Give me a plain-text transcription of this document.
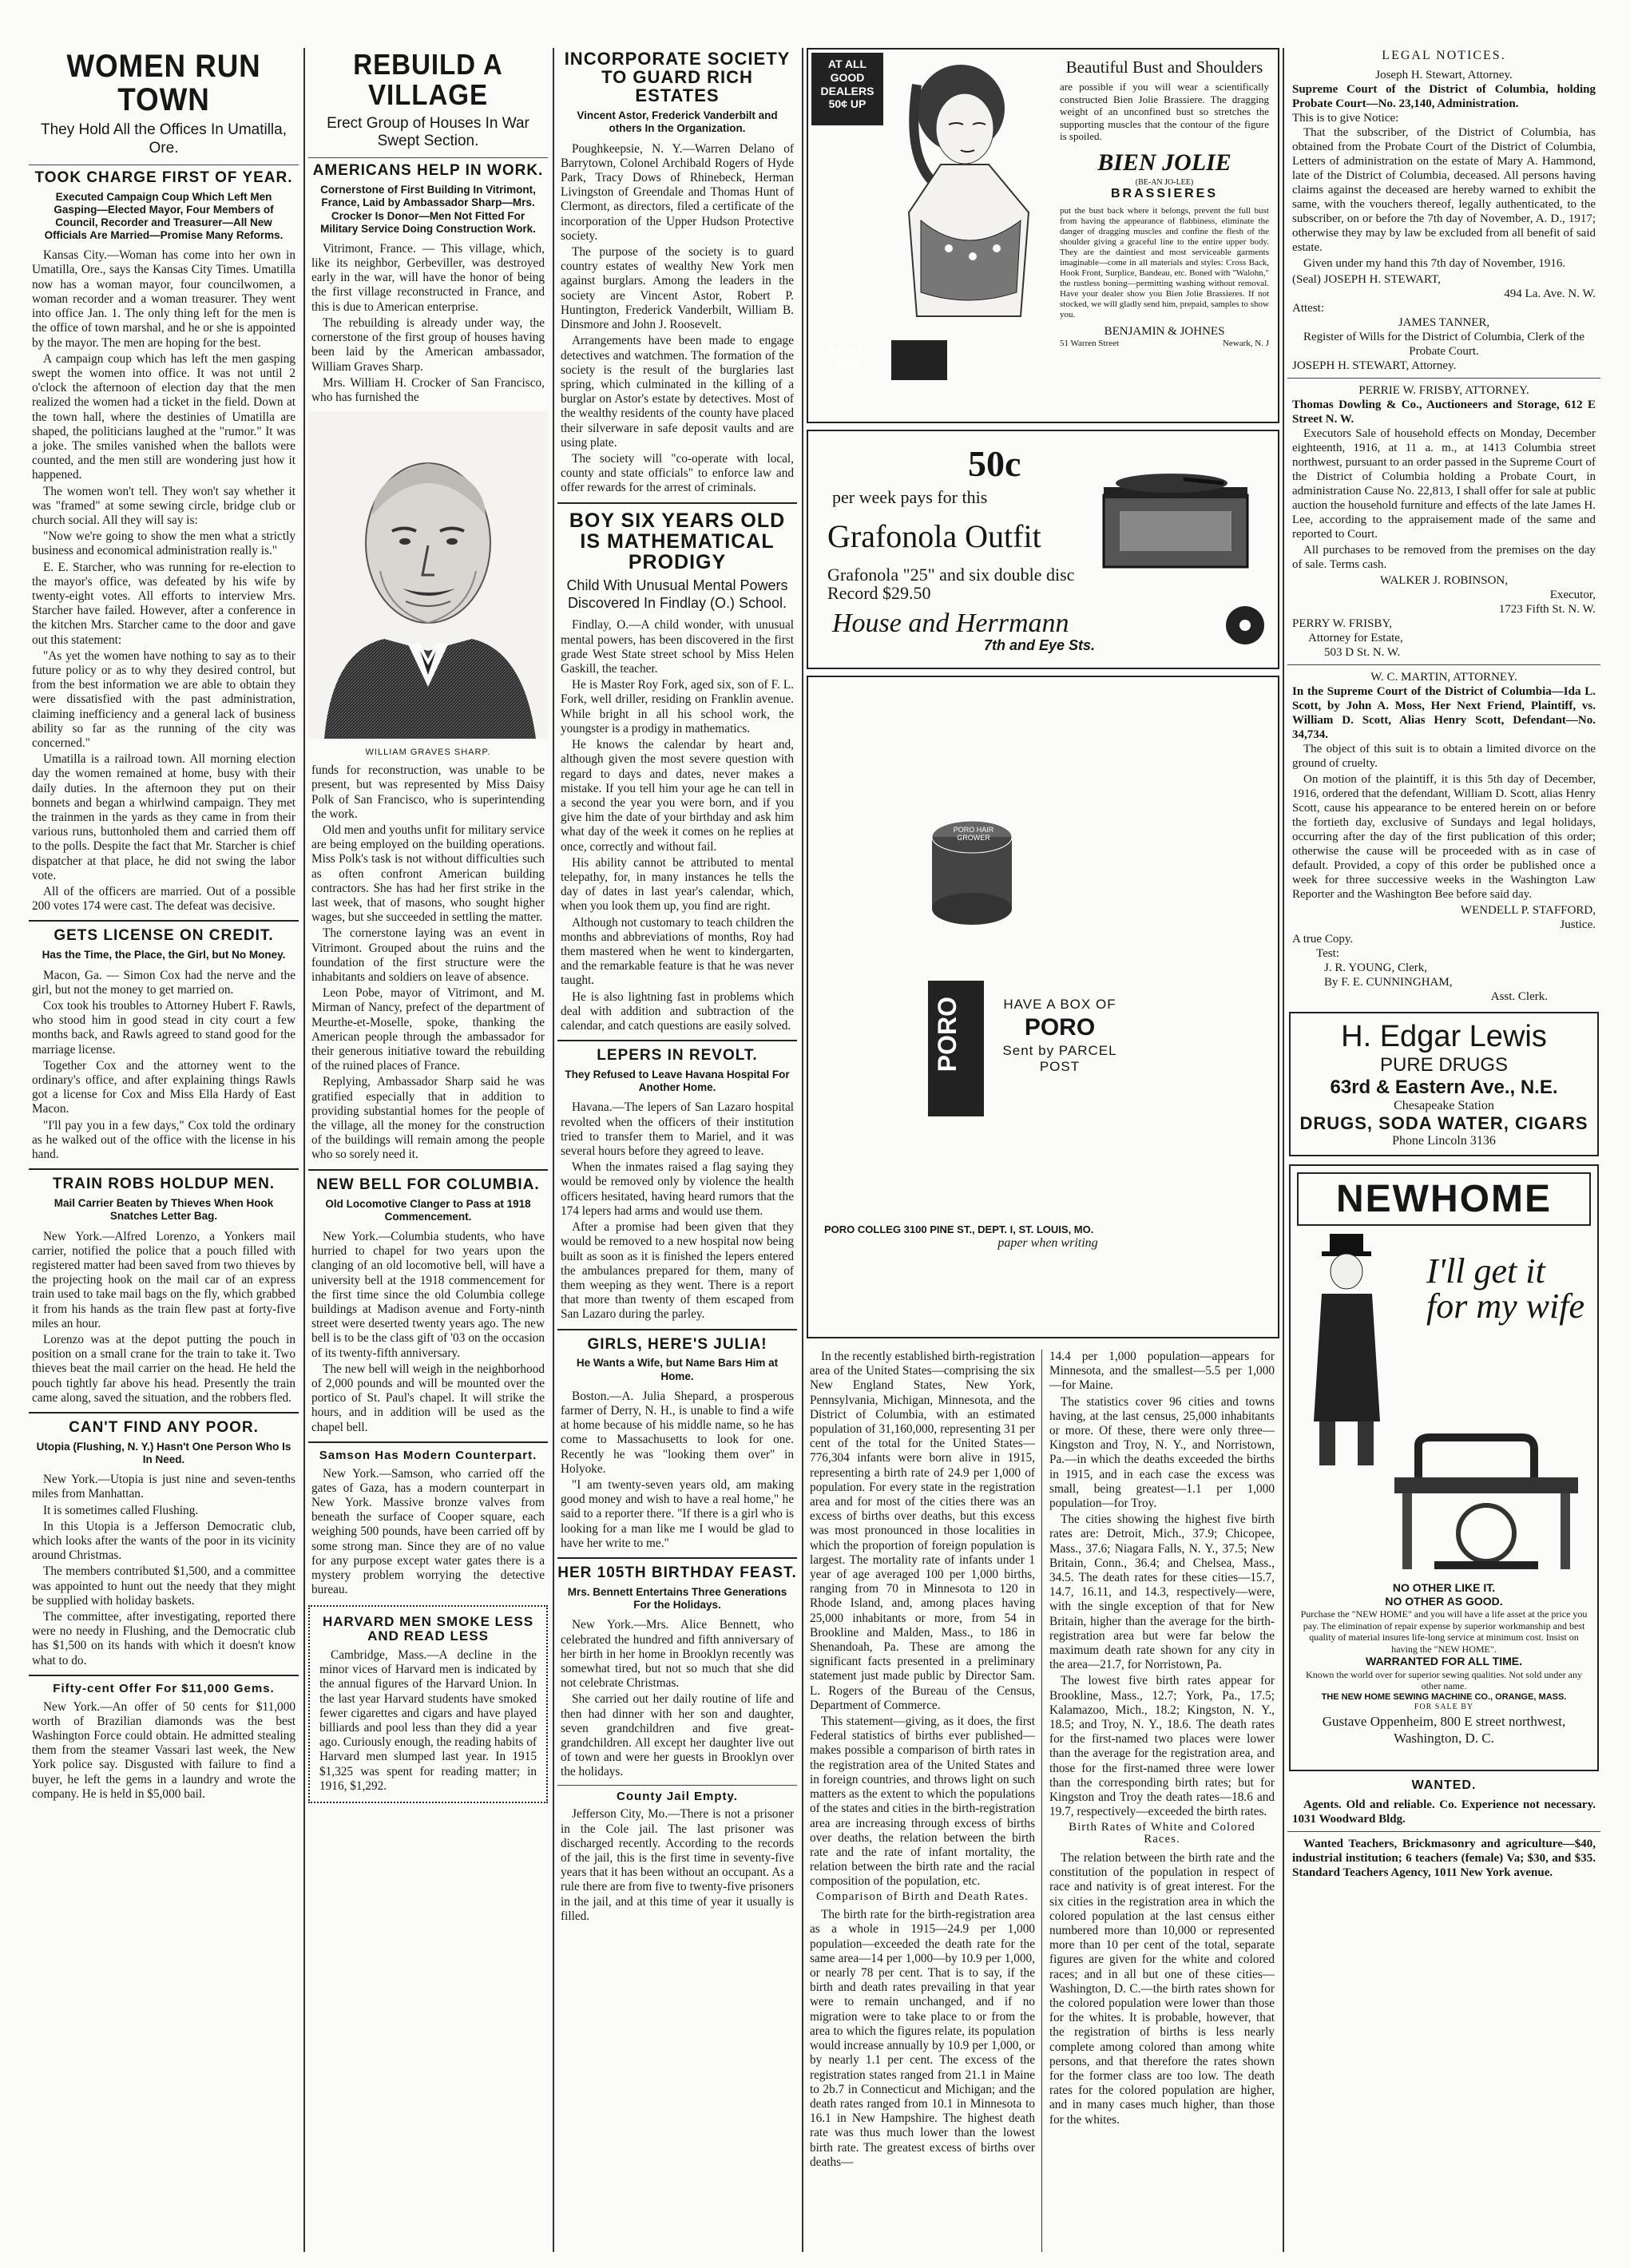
WOMEN RUN TOWN
They Hold All the Offices In Umatilla, Ore.
TOOK CHARGE FIRST OF YEAR.
Executed Campaign Coup Which Left Men Gasping—Elected Mayor, Four Members of Council, Recorder and Treasurer—All New Officials Are Married—Promise Many Reforms.

Kansas City.—Woman has come into her own in Umatilla, Ore., says the Kansas City Times. Umatilla now has a woman mayor, four councilwomen, a woman recorder and a woman treasurer. They went into office Jan. 1. The only thing left for the men is the office of town marshal, and he or she is appointed by the mayor. The men are hoping for the best.

A campaign coup which has left the men gasping swept the women into office. It was not until 2 o'clock the afternoon of election day that the men realized the women had a ticket in the field. Down at the town hall, where the destinies of Umatilla are shaped, the politicians laughed at the "rumor." It was a joke. The smiles vanished when the ballots were counted, and the men still are wondering just how it happened.

The women won't tell. They won't say whether it was "framed" at some sewing circle, bridge club or church social. All they will say is:

"Now we're going to show the men what a strictly business and economical administration really is."

E. E. Starcher, who was running for re-election to the mayor's office, was defeated by his wife by twenty-eight votes. All efforts to interview Mrs. Starcher have failed. However, after a conference in the kitchen Mrs. Starcher came to the door and gave out this statement:

"As yet the women have nothing to say as to their future policy or as to why they desired control, but from the best information we are able to obtain they were dissatisfied with the past administration, claiming inefficiency and a general lack of business ability so far as the running of the city was concerned."

Umatilla is a railroad town. All morning election day the women remained at home, busy with their daily duties. In the afternoon they put on their bonnets and began a whirlwind campaign. They met the trainmen in the yards as they came in from their various runs, buttonholed them and carried them off to the polls. Despite the fact that Mr. Starcher is chief dispatcher at that place, he did not swing the labor vote.

All of the officers are married. Out of a possible 200 votes 174 were cast. The defeat was decisive.

GETS LICENSE ON CREDIT.
Has the Time, the Place, the Girl, but No Money.

Macon, Ga. — Simon Cox had the nerve and the girl, but not the money to get married on.

Cox took his troubles to Attorney Hubert F. Rawls, who stood him in good stead in city court a few months back, and Rawls agreed to stand good for the marriage license.

Together Cox and the attorney went to the ordinary's office, and after explaining things Rawls got a license for Cox and Miss Ella Hardy of East Macon.

"I'll pay you in a few days," Cox told the ordinary as he walked out of the office with the license in his hand.

TRAIN ROBS HOLDUP MEN.
Mail Carrier Beaten by Thieves When Hook Snatches Letter Bag.

New York.—Alfred Lorenzo, a Yonkers mail carrier, notified the police that a pouch filled with registered matter had been saved from two thieves by the projecting hook on the mail car of an express train used to take mail bags on the fly, which grabbed it from his hands as the train flew past at forty-five miles an hour.

Lorenzo was at the depot putting the pouch in position on a small crane for the train to take it. Two thieves beat the mail carrier on the head. He held the pouch tightly far above his head. Presently the train came along, saved the situation, and the robbers fled.

CAN'T FIND ANY POOR.
Utopia (Flushing, N. Y.) Hasn't One Person Who Is In Need.

New York.—Utopia is just nine and seven-tenths miles from Manhattan.

It is sometimes called Flushing.

In this Utopia is a Jefferson Democratic club, which looks after the wants of the poor in its vicinity around Christmas.

The members contributed $1,500, and a committee was appointed to hunt out the needy that they might be supplied with holiday baskets.

The committee, after investigating, reported there were no needy in Flushing, and the Democratic club has $1,500 on its hands with which it doesn't know what to do.

Fifty-cent Offer For $11,000 Gems.

New York.—An offer of 50 cents for $11,000 worth of Brazilian diamonds was the best Washington Force could obtain. He admitted stealing them from the steamer Vassari last week, the New York police say. Disgusted with failure to find a buyer, he left the gems in a laundry and wrote the company. He is held in $5,000 bail.

REBUILD A VILLAGE
Erect Group of Houses In War Swept Section.
AMERICANS HELP IN WORK.
Cornerstone of First Building In Vitrimont, France, Laid by Ambassador Sharp—Mrs. Crocker Is Donor—Men Not Fitted For Military Service Doing Construction Work.

Vitrimont, France. — This village, which, like its neighbor, Gerbeviller, was destroyed early in the war, will have the honor of being the first village reconstructed in France, and this is due to American enterprise.

The rebuilding is already under way, the cornerstone of the first group of houses having been laid by the American ambassador, William Graves Sharp.

Mrs. William H. Crocker of San Francisco, who has furnished the

WILLIAM GRAVES SHARP.

funds for reconstruction, was unable to be present, but was represented by Miss Daisy Polk of San Francisco, who is superintending the work.

Old men and youths unfit for military service are being employed on the building operations. Miss Polk's task is not without difficulties such as often confront American building contractors. She has had her first strike in the last week, that of masons, who sought higher wages, but she succeeded in settling the matter.

The cornerstone laying was an event in Vitrimont. Grouped about the ruins and the foundation of the first structure were the inhabitants and soldiers on leave of absence.

Leon Pobe, mayor of Vitrimont, and M. Mirman of Nancy, prefect of the department of Meurthe-et-Moselle, spoke, thanking the American people through the ambassador for their generous initiative toward the rebuilding of the ruined places of France.

Replying, Ambassador Sharp said he was gratified especially that in addition to providing substantial homes for the people of the village, all the money for the construction of the buildings will remain among the people who so sorely need it.

NEW BELL FOR COLUMBIA.
Old Locomotive Clanger to Pass at 1918 Commencement.

New York.—Columbia students, who have hurried to chapel for two years upon the clanging of an old locomotive bell, will have a university bell at the 1918 commencement for the first time since the old Columbia college buildings at Madison avenue and Forty-ninth street were deserted twenty years ago. The new bell is to be the class gift of '03 on the occasion of its twenty-fifth anniversary.

The new bell will weigh in the neighborhood of 2,000 pounds and will be mounted over the portico of St. Paul's chapel. It will strike the hours, and in addition will be used as the chapel bell.

Samson Has Modern Counterpart.

New York.—Samson, who carried off the gates of Gaza, has a modern counterpart in New York. Massive bronze valves from beneath the surface of Cooper square, each weighing 500 pounds, have been carried off by some strong man. Since they are of no value for any purpose except water gates there is a mystery problem worrying the detective bureau.

HARVARD MEN SMOKE LESS AND READ LESS

Cambridge, Mass.—A decline in the minor vices of Harvard men is indicated by the annual figures of the Harvard Union. In the last year Harvard students have smoked fewer cigarettes and cigars and have played billiards and pool less than they did a year ago. Curiously enough, the reading habits of Harvard men slumped last year. In 1915 $1,325 was spent for reading matter; in 1916, $1,292.

INCORPORATE SOCIETY TO GUARD RICH ESTATES
Vincent Astor, Frederick Vanderbilt and others In the Organization.

Poughkeepsie, N. Y.—Warren Delano of Barrytown, Colonel Archibald Rogers of Hyde Park, Tracy Dows of Rhinebeck, Herman Livingston of Greendale and Thomas Hunt of Clermont, as directors, filed a certificate of the incorporation of the Upper Hudson Protective society.

The purpose of the society is to guard country estates of wealthy New York men against burglars. Among the leaders in the society are Vincent Astor, Robert P. Huntington, Frederick Vanderbilt, William B. Dinsmore and John J. Roosevelt.

Arrangements have been made to engage detectives and watchmen. The formation of the society is the result of the burglaries last spring, which culminated in the killing of a burglar on Astor's estate by detectives. Most of the wealthy residents of the county have placed their silverware in safe deposit vaults and are using plate.

The society will "co-operate with local, county and state officials" to enforce law and offer rewards for the arrest of criminals.

BOY SIX YEARS OLD IS MATHEMATICAL PRODIGY
Child With Unusual Mental Powers Discovered In Findlay (O.) School.

Findlay, O.—A child wonder, with unusual mental powers, has been discovered in the first grade West State street school by Miss Helen Gaskill, the teacher.

He is Master Roy Fork, aged six, son of F. L. Fork, well driller, residing on Franklin avenue. While bright in all his school work, the youngster is a prodigy in mathematics.

He knows the calendar by heart and, although given the most severe question with regard to days and dates, never makes a mistake. If you tell him your age he can tell in a second the year you were born, and if you give him the date of your birthday and ask him what day of the week it comes on he replies at once, correctly and without fail.

His ability cannot be attributed to mental telepathy, for, in many instances he tells the day of dates in last year's calendar, which, when you look them up, you find are right.

Although not customary to teach children the months and abbreviations of months, Roy had them mastered when he went to kindergarten, and the remarkable feature is that he was never taught.

He is also lightning fast in problems which deal with addition and subtraction of the calendar, and catch questions are easily solved.

LEPERS IN REVOLT.
They Refused to Leave Havana Hospital For Another Home.

Havana.—The lepers of San Lazaro hospital revolted when the officers of their institution tried to transfer them to Mariel, and it was several hours before they agreed to leave.

When the inmates raised a flag saying they would be removed only by violence the health officers hesitated, having heard rumors that the 174 lepers had arms and would use them.

After a promise had been given that they would be removed to a new hospital now being built as soon as it is finished the lepers entered the ambulances prepared for them, many of them weeping as they went. There is a report that more than twenty of them escaped from San Lazaro during the parley.

GIRLS, HERE'S JULIA!
He Wants a Wife, but Name Bars Him at Home.

Boston.—A. Julia Shepard, a prosperous farmer of Derry, N. H., is unable to find a wife at home because of his middle name, so he has come to Massachusetts to look for one. Recently he was "looking them over" in Holyoke.

"I am twenty-seven years old, am making good money and wish to have a real home," he said to a reporter there. "If there is a girl who is looking for a man like me I would be glad to have her write to me."

HER 105TH BIRTHDAY FEAST.
Mrs. Bennett Entertains Three Generations For the Holidays.

New York.—Mrs. Alice Bennett, who celebrated the hundred and fifth anniversary of her birth in her home in Brooklyn recently was somewhat tired, but not so much that she did not celebrate Christmas.

She carried out her daily routine of life and then had dinner with her son and daughter, seven grandchildren and five great-grandchildren. All except her daughter live out of town and were her guests in Brooklyn over the holidays.

County Jail Empty.

Jefferson City, Mo.—There is not a prisoner in the Cole jail. The last prisoner was discharged recently. According to the records of the jail, this is the first time in seventy-five years that it has been without an occupant. As a rule there are from five to twenty-five prisoners in the jail, and at this time of year it usually is filled.

AT ALL GOOD DEALERS 50¢ UP
STYLE 4525
Beautiful Bust and Shoulders
are possible if you will wear a scientifically constructed Bien Jolie Brassiere. The dragging weight of an unconfined bust so stretches the supporting muscles that the contour of the figure is spoiled.
BIEN JOLIE
(BE-AN JO-LEE)
BRASSIERES
put the bust back where it belongs, prevent the full bust from having the appearance of flabbiness, eliminate the danger of dragging muscles and confine the flesh of the shoulder giving a graceful line to the entire upper body. They are the daintiest and most serviceable garments imaginable—come in all materials and styles: Cross Back, Hook Front, Surplice, Bandeau, etc. Boned with "Walohn," the rustless boning—permitting washing without removal. Have your dealer show you Bien Jolie Brassieres. If not stocked, we will gladly send him, prepaid, samples to show you.
BENJAMIN & JOHNES
51 Warren Street	Newark, N. J
50c
per week pays for this
Grafonola Outfit
Grafonola "25" and six double disc Record $29.50
House and Herrmann
7th and Eye Sts.
PORO HAIR GROWER
PORO	HAVE A BOX OF
PORO
Sent by PARCEL POST
PORO COLLEG 3100 PINE ST., DEPT. I, ST. LOUIS, MO.
paper when writing

In the recently established birth-registration area of the United States—comprising the six New England States, New York, Pennsylvania, Michigan, Minnesota, and the District of Columbia, with an estimated population of 31,160,000, representing 31 per cent of the total for the United States—776,304 infants were born alive in 1915, representing a birth rate of 24.9 per 1,000 of population. For every state in the registration area and for most of the cities there was an excess of births over deaths, but this excess was most pronounced in those localities in which the proportion of foreign population is largest. The mortality rate of infants under 1 year of age averaged 100 per 1,000 births, ranging from 70 in Minnesota to 120 in Rhode Island, and, among places having 25,000 inhabitants or more, from 54 in Brookline and Malden, Mass., to 186 in Shenandoah, Pa. These are among the significant facts presented in a preliminary statement just made public by Director Sam. L. Rogers of the Bureau of the Census, Department of Commerce.

This statement—giving, as it does, the first Federal statistics of births ever published—makes possible a comparison of birth rates in the registration area of the United States and in foreign countries, and throws light on such matters as the extent to which the populations of the states and cities in the birth-registration area are increasing through excess of births over deaths, the relation between the birth rate and the rate of infant mortality, the relation between the birth rate and the racial composition of the population, etc.

Comparison of Birth and Death Rates.

The birth rate for the birth-registration area as a whole in 1915—24.9 per 1,000 population—exceeded the death rate for the same area—14 per 1,000—by 10.9 per 1,000, or nearly 78 per cent. That is to say, if the birth and death rates prevailing in that year were to remain unchanged, and if no migration were to take place to or from the area to which the figures relate, its population would increase annually by 10.9 per 1,000, or by nearly 1.1 per cent. The excess of the registration states ranged from 21.1 in Maine to 2b.7 in Connecticut and Michigan; and the death rates ranged from 10.1 in Minnesota to 16.1 in New Hampshire. The highest death rate was thus much lower than the lowest birth rate. The greatest excess of births over deaths—

14.4 per 1,000 population—appears for Minnesota, and the smallest—5.5 per 1,000—for Maine.

The statistics cover 96 cities and towns having, at the last census, 25,000 inhabitants or more. Of these, there were only three—Kingston and Troy, N. Y., and Norristown, Pa.—in which the deaths exceeded the births in 1915, and in each case the excess was small, being greatest—1.1 per 1,000 population—for Troy.

The cities showing the highest five birth rates are: Detroit, Mich., 37.9; Chicopee, Mass., 37.6; Niagara Falls, N. Y., 37.5; New Britain, Conn., 36.4; and Chelsea, Mass., 34.5. The death rates for these cities—15.7, 14.7, 16.11, and 14.3, respectively—were, with the single exception of that for New Britain, higher than the average for the birth-registration area but were far below the maximum death rate shown for any city in the area—21.7, for Norristown, Pa.

The lowest five birth rates appear for Brookline, Mass., 12.7; York, Pa., 17.5; Kalamazoo, Mich., 18.2; Kingston, N. Y., 18.5; and Troy, N. Y., 18.6. The death rates for the first-named two places were lower than the average for the registration area, and those for the first-named three were lower than the corresponding birth rates; but for Kingston and Troy the death rates—18.6 and 19.7, respectively—exceeded the birth rates.

Birth Rates of White and Colored Races.

The relation between the birth rate and the constitution of the population in respect of race and nativity is of great interest. For the six cities in the registration area in which the colored population at the last census either numbered more than 10,000 or represented more than 10 per cent of the total, separate figures are given for the white and colored races; and in all but one of these cities—Washington, D. C.—the birth rates shown for the colored population were lower than those for the whites. It is probable, however, that the registration of births is less nearly complete among colored than among white persons, and that therefore the rates shown for the former class are too low. The death rates for the colored population are higher, and in many cases much higher, than those for the whites.

LEGAL NOTICES.
Joseph H. Stewart, Attorney.
Supreme Court of the District of Columbia, holding Probate Court—No. 23,140, Administration.
This is to give Notice:

That the subscriber, of the District of Columbia, has obtained from the Probate Court of the District of Columbia, Letters of administration on the estate of Mary A. Hammond, late of the District of Columbia, deceased. All persons having claims against the deceased are hereby warned to exhibit the same, with the vouchers thereof, legally authenticated, to the subscriber, on or before the 7th day of November, A. D., 1917; otherwise they may by law be excluded from all benefit of said estate.

Given under my hand this 7th day of November, 1916.

(Seal) JOSEPH H. STEWART,
494 La. Ave. N. W.
Attest:
JAMES TANNER,
Register of Wills for the District of Columbia, Clerk of the Probate Court.
JOSEPH H. STEWART, Attorney.
PERRIE W. FRISBY, ATTORNEY.
Thomas Dowling & Co., Auctioneers and Storage, 612 E Street N. W.

Executors Sale of household effects on Monday, December eighteenth, 1916, at 11 a. m., at 1413 Columbia street northwest, pursuant to an order passed in the Supreme Court of the District of Columbia holding a Probate Court, in administration Cause No. 22,813, I shall offer for sale at public auction the household furniture and effects of the late James H. Lee, according to the appraisement made of the same and reported to Court.

All purchases to be removed from the premises on the day of sale. Terms cash.

WALKER J. ROBINSON,
Executor,
1723 Fifth St. N. W.
PERRY W. FRISBY,
Attorney for Estate,
503 D St. N. W.
W. C. MARTIN, ATTORNEY.
In the Supreme Court of the District of Columbia—Ida L. Scott, by John A. Moss, Her Next Friend, Plaintiff, vs. William D. Scott, Alias Henry Scott, Defendant—No. 34,734.

The object of this suit is to obtain a limited divorce on the ground of cruelty.

On motion of the plaintiff, it is this 5th day of December, 1916, ordered that the defendant, William D. Scott, alias Henry Scott, cause his appearance to be entered herein on or before the fortieth day, exclusive of Sundays and legal holidays, occurring after the day of the first publication of this order; otherwise the cause will be proceeded with as in case of default. Provided, a copy of this order be published once a week for three successive weeks in the Washington Law Reporter and the Washington Bee before said day.

WENDELL P. STAFFORD,
Justice.
A true Copy.
Test:
J. R. YOUNG, Clerk,
By F. E. CUNNINGHAM,
Asst. Clerk.
H. Edgar Lewis
PURE DRUGS
63rd & Eastern Ave., N.E.
Chesapeake Station
DRUGS, SODA WATER, CIGARS
Phone Lincoln 3136
NEWHOME
I'll get it for my wife
NO OTHER LIKE IT.
NO OTHER AS GOOD.
Purchase the "NEW HOME" and you will have a life asset at the price you pay. The elimination of repair expense by superior workmanship and best quality of material insures life-long service at minimum cost. Insist on having the "NEW HOME".
WARRANTED FOR ALL TIME.
Known the world over for superior sewing qualities. Not sold under any other name.
THE NEW HOME SEWING MACHINE CO., ORANGE, MASS.
FOR SALE BY
Gustave Oppenheim, 800 E street northwest, Washington, D. C.
WANTED.

Agents. Old and reliable. Co. Experience not necessary. 1031 Woodward Bldg.

Wanted Teachers, Brickmasonry and agriculture—$40, industrial institution; 6 teachers (female) Va; $30, and $35. Standard Teachers Agency, 1011 New York avenue.
